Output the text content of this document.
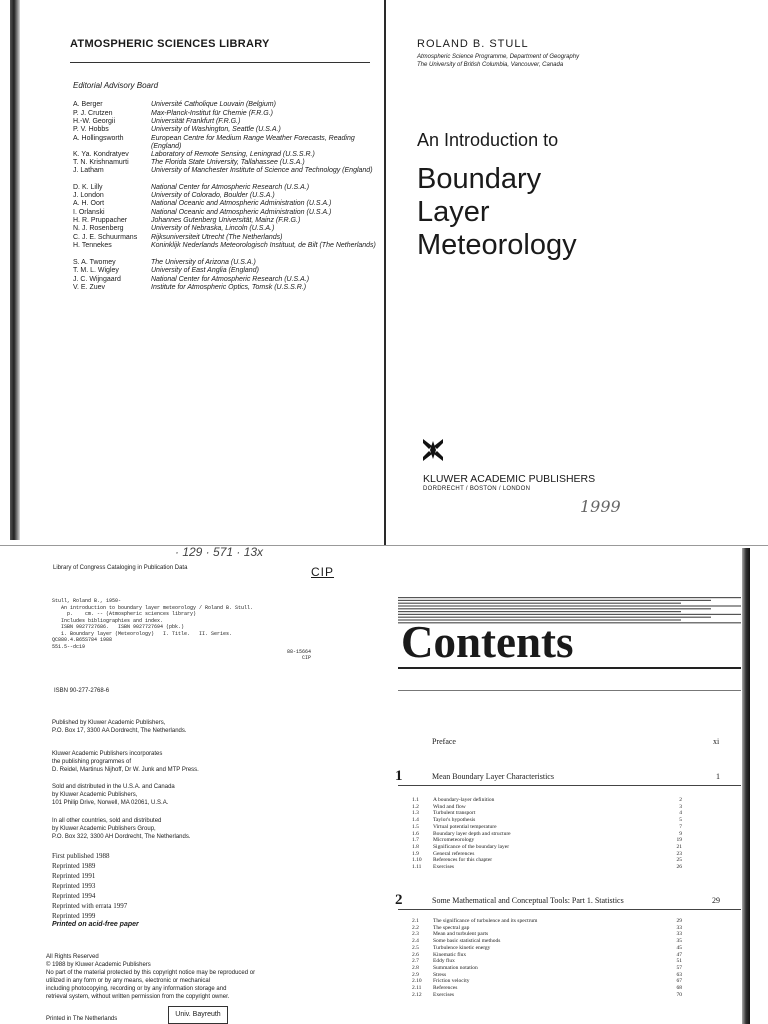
ATMOSPHERIC SCIENCES LIBRARY
Editorial Advisory Board
A. Berger	Université Catholique Louvain (Belgium)
P. J. Crutzen	Max-Planck-Institut für Chemie (F.R.G.)
H.-W. Georgii	Universität Frankfurt (F.R.G.)
P. V. Hobbs	University of Washington, Seattle (U.S.A.)
A. Hollingsworth	European Centre for Medium Range Weather Forecasts, Reading (England)
K. Ya. Kondratyev	Laboratory of Remote Sensing, Leningrad (U.S.S.R.)
T. N. Krishnamurti	The Florida State University, Tallahassee (U.S.A.)
J. Latham	University of Manchester Institute of Science and Technology (England)
D. K. Lilly	National Center for Atmospheric Research (U.S.A.)
J. London	University of Colorado, Boulder (U.S.A.)
A. H. Oort	National Oceanic and Atmospheric Administration (U.S.A.)
I. Orlanski	National Oceanic and Atmospheric Administration (U.S.A.)
H. R. Pruppacher	Johannes Gutenberg Universität, Mainz (F.R.G.)
N. J. Rosenberg	University of Nebraska, Lincoln (U.S.A.)
C. J. E. Schuurmans	Rijksuniversiteit Utrecht (The Netherlands)
H. Tennekes	Koninklijk Nederlands Meteorologisch Instituut, de Bilt (The Netherlands)
S. A. Twomey	The University of Arizona (U.S.A.)
T. M. L. Wigley	University of East Anglia (England)
J. C. Wijngaard	National Center for Atmospheric Research (U.S.A.)
V. E. Zuev	Institute for Atmospheric Optics, Tomsk (U.S.S.R.)
ROLAND B. STULL
Atmospheric Science Programme, Department of Geography
The University of British Columbia, Vancouver, Canada
An Introduction to
Boundary
Layer
Meteorology
KLUWER ACADEMIC PUBLISHERS
DORDRECHT / BOSTON / LONDON
1999
· 129 · 571 · 13x
Library of Congress Cataloging in Publication Data	CIP
Stull, Roland B., 1950-
An introduction to boundary layer meteorology / Roland B. Stull.
p.    cm. -- (Atmospheric sciences library)
Includes bibliographies and index.
ISBN 9027727686.   ISBN 9027727694 (pbk.)
1. Boundary layer (Meteorology)   I. Title.   II. Series.
QC880.4.B65S784 1988
551.5--dc19
88-15664
CIP
ISBN 90-277-2768-6
Published by Kluwer Academic Publishers,
P.O. Box 17, 3300 AA Dordrecht, The Netherlands.
Kluwer Academic Publishers incorporates
the publishing programmes of
D. Reidel, Martinus Nijhoff, Dr W. Junk and MTP Press.
Sold and distributed in the U.S.A. and Canada
by Kluwer Academic Publishers,
101 Philip Drive, Norwell, MA 02061, U.S.A.
In all other countries, sold and distributed
by Kluwer Academic Publishers Group,
P.O. Box 322, 3300 AH Dordrecht, The Netherlands.
First published 1988
Reprinted 1989
Reprinted 1991
Reprinted 1993
Reprinted 1994
Reprinted with errata 1997
Reprinted 1999
Printed on acid-free paper
All Rights Reserved
© 1988 by Kluwer Academic Publishers
No part of the material protected by this copyright notice may be reproduced or
utilized in any form or by any means, electronic or mechanical
including photocopying, recording or by any information storage and
retrieval system, without written permission from the copyright owner.
Printed in The Netherlands
Univ. Bayreuth
Contents
Preface	xi
1	Mean Boundary Layer Characteristics	1
1.1	A boundary-layer definition	2
1.2	Wind and flow	3
1.3	Turbulent transport	4
1.4	Taylor's hypothesis	5
1.5	Virtual potential temperature	7
1.6	Boundary layer depth and structure	9
1.7	Micrometeorology	19
1.8	Significance of the boundary layer	21
1.9	General references	23
1.10 References for this chapter	25
1.11 Exercises	26
2	Some Mathematical and Conceptual Tools: Part 1. Statistics	29
2.1	The significance of turbulence and its spectrum	29
2.2	The spectral gap	33
2.3	Mean and turbulent parts	33
2.4	Some basic statistical methods	35
2.5	Turbulence kinetic energy	45
2.6	Kinematic flux	47
2.7	Eddy flux	51
2.8	Summation notation	57
2.9	Stress	63
2.10 Friction velocity	67
2.11 References	68
2.12 Exercises	70
